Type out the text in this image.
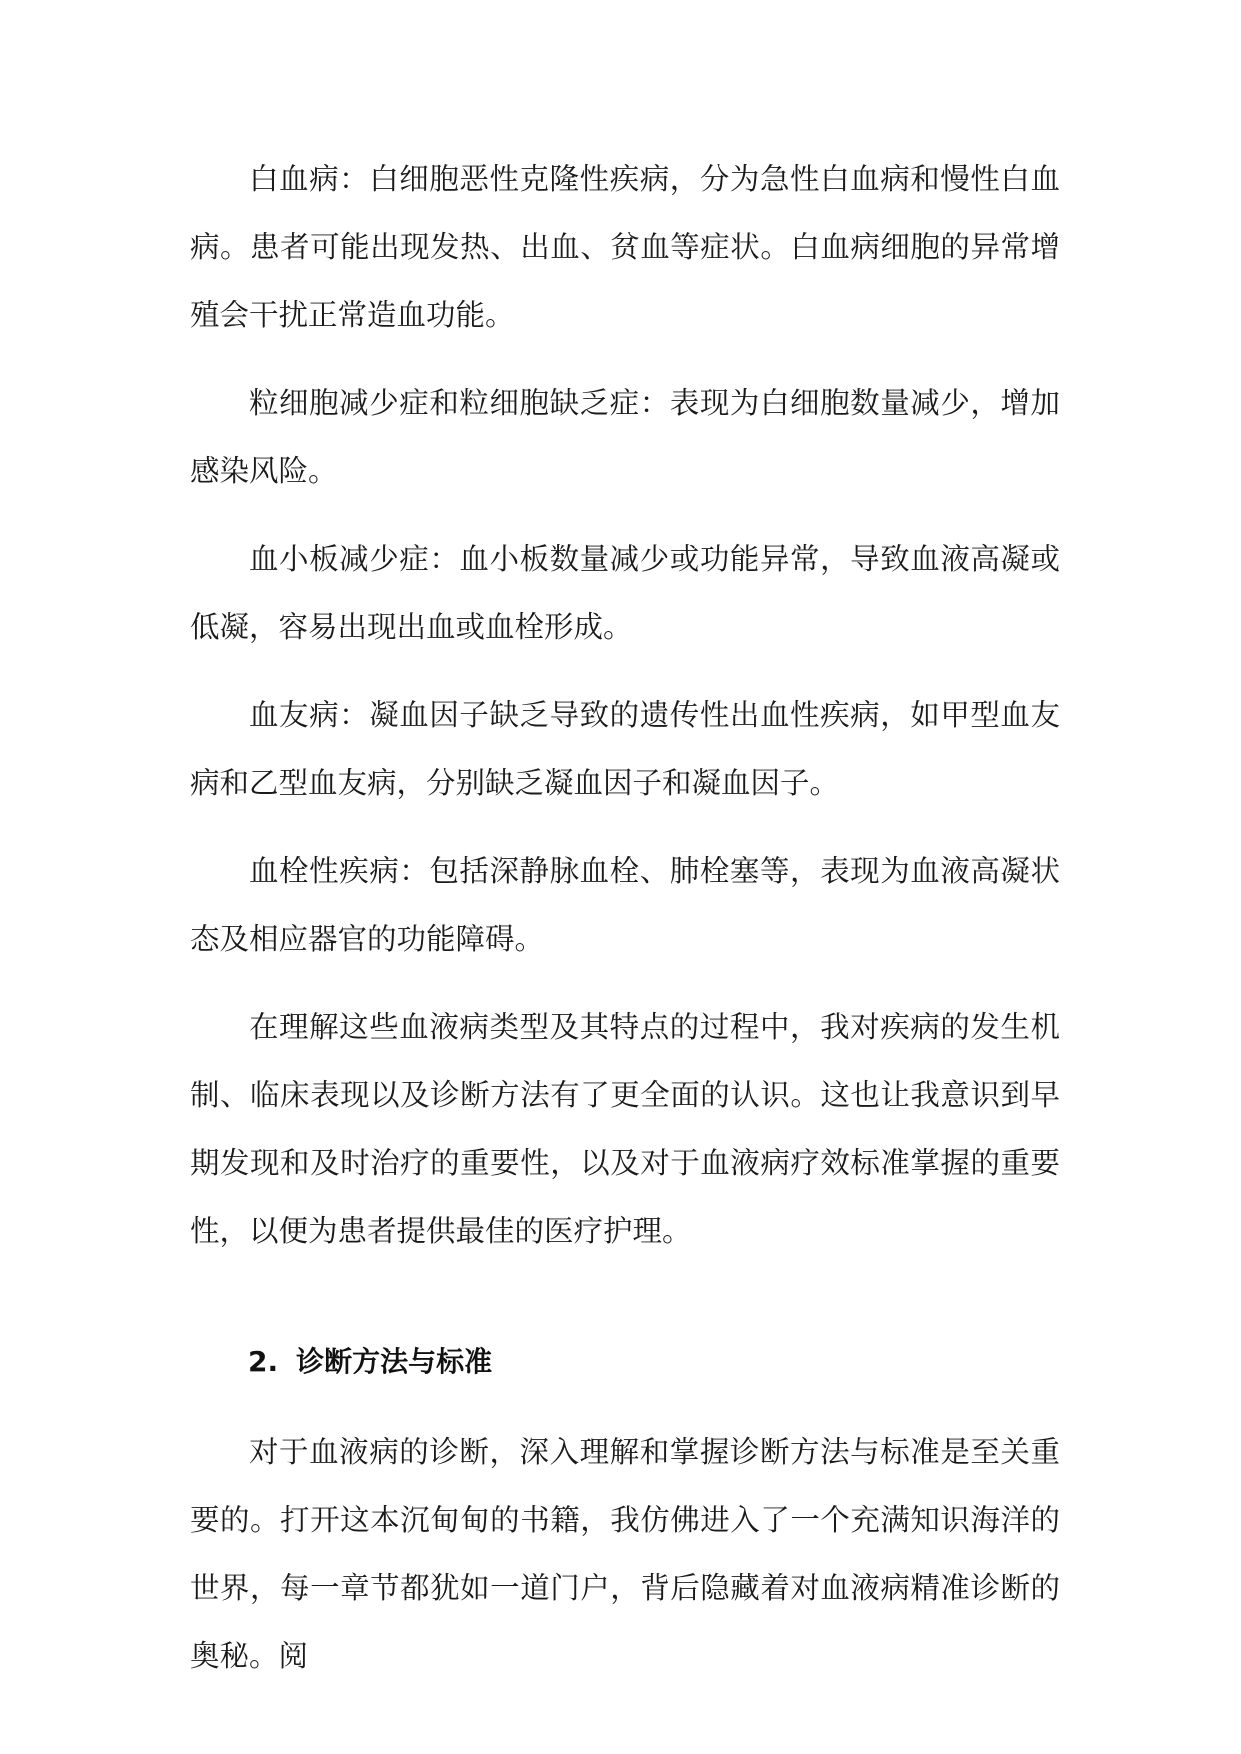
白血病：白细胞恶性克隆性疾病，分为急性白血病和慢性白血病。患者可能出现发热、出血、贫血等症状。白血病细胞的异常增殖会干扰正常造血功能。

粒细胞减少症和粒细胞缺乏症：表现为白细胞数量减少，增加感染风险。

血小板减少症：血小板数量减少或功能异常，导致血液高凝或低凝，容易出现出血或血栓形成。

血友病：凝血因子缺乏导致的遗传性出血性疾病，如甲型血友病和乙型血友病，分别缺乏凝血因子和凝血因子。

血栓性疾病：包括深静脉血栓、肺栓塞等，表现为血液高凝状态及相应器官的功能障碍。

在理解这些血液病类型及其特点的过程中，我对疾病的发生机制、临床表现以及诊断方法有了更全面的认识。这也让我意识到早期发现和及时治疗的重要性，以及对于血液病疗效标准掌握的重要性，以便为患者提供最佳的医疗护理。

2. 诊断方法与标准

对于血液病的诊断，深入理解和掌握诊断方法与标准是至关重要的。打开这本沉甸甸的书籍，我仿佛进入了一个充满知识海洋的世界，每一章节都犹如一道门户，背后隐藏着对血液病精准诊断的奥秘。阅
